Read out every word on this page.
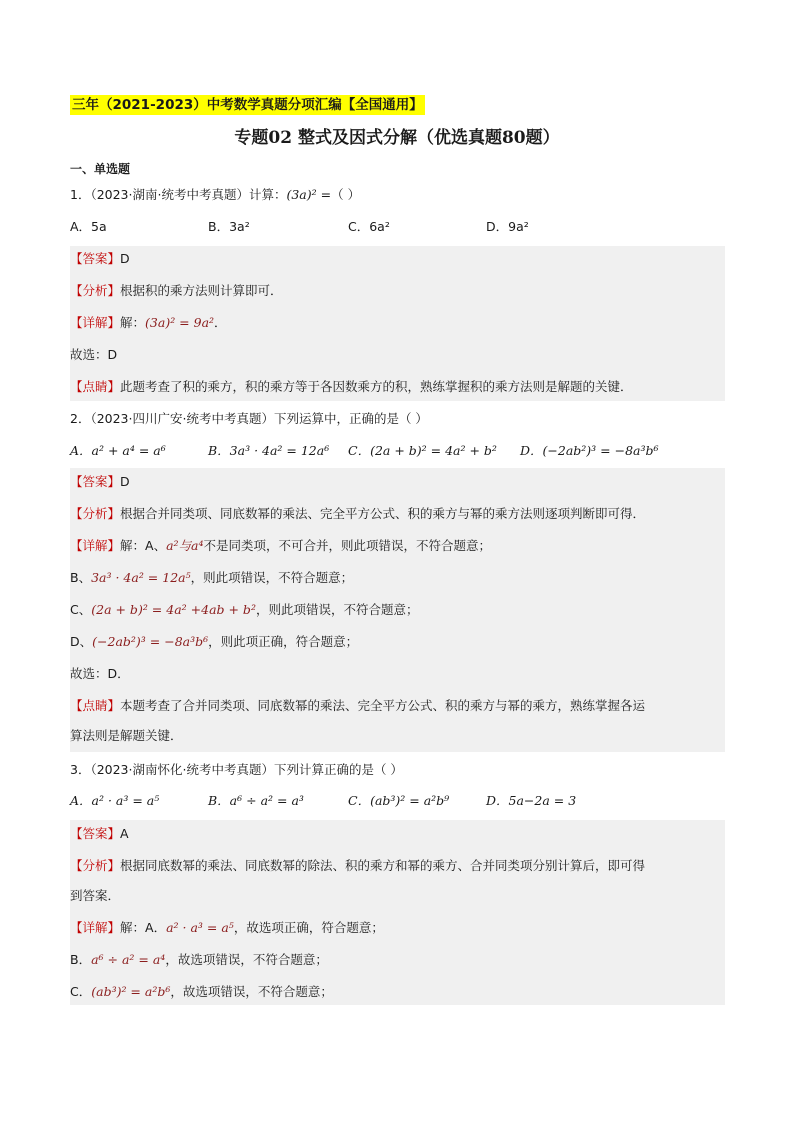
三年（2021-2023）中考数学真题分项汇编【全国通用】
专题02 整式及因式分解（优选真题80题）
一、单选题
1．（2023·湖南·统考中考真题）计算：(3a)² =（ ）
A．5a	B．3a²	C．6a²	D．9a²
【答案】D
【分析】根据积的乘方法则计算即可．
【详解】解：(3a)² = 9a²．
故选：D
【点睛】此题考查了积的乘方，积的乘方等于各因数乘方的积，熟练掌握积的乘方法则是解题的关键．
2．（2023·四川广安·统考中考真题）下列运算中，正确的是（ ）
A．a² + a⁴ = a⁶	B．3a³ · 4a² = 12a⁶ C．(2a + b)² = 4a² + b² D．(−2ab²)³ = −8a³b⁶
【答案】D
【分析】根据合并同类项、同底数幂的乘法、完全平方公式、积的乘方与幂的乘方法则逐项判断即可得．
【详解】解：A、a²与a⁴不是同类项，不可合并，则此项错误，不符合题意；
B、3a³ · 4a² = 12a⁵，则此项错误，不符合题意；
C、(2a + b)² = 4a² +4ab + b²，则此项错误，不符合题意；
D、(−2ab²)³ = −8a³b⁶，则此项正确，符合题意；
故选：D．
【点睛】本题考查了合并同类项、同底数幂的乘法、完全平方公式、积的乘方与幂的乘方，熟练掌握各运
算法则是解题关键．
3．（2023·湖南怀化·统考中考真题）下列计算正确的是（ ）
A．a² · a³ = a⁵	B．a⁶ ÷ a² = a³	C．(ab³)² = a²b⁹	D．5a−2a = 3
【答案】A
【分析】根据同底数幂的乘法、同底数幂的除法、积的乘方和幂的乘方、合并同类项分别计算后，即可得
到答案．
【详解】解：A．a² · a³ = a⁵，故选项正确，符合题意；
B．a⁶ ÷ a² = a⁴，故选项错误，不符合题意；
C．(ab³)² = a²b⁶，故选项错误，不符合题意；
